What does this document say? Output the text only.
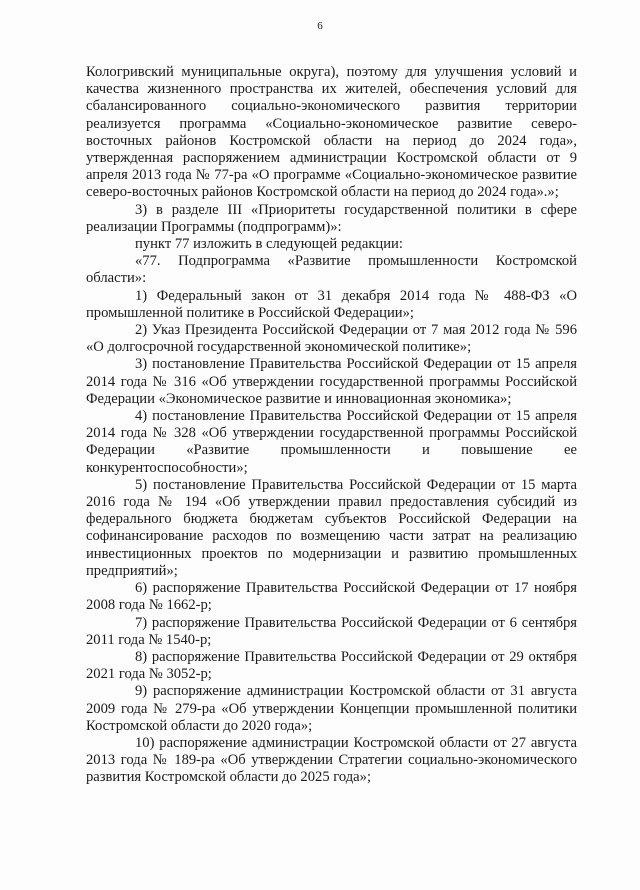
6

Кологривский муниципальные округа), поэтому для улучшения условий и качества жизненного пространства их жителей, обеспечения условий для сбалансированного социально-экономического развития территории реализуется программа «Социально-экономическое развитие северо-восточных районов Костромской области на период до 2024 года», утвержденная распоряжением администрации Костромской области от 9 апреля 2013 года № 77-ра «О программе «Социально-экономическое развитие северо-восточных районов Костромской области на период до 2024 года».»;

3) в разделе III «Приоритеты государственной политики в сфере реализации Программы (подпрограмм)»:

пункт 77 изложить в следующей редакции:

«77. Подпрограмма «Развитие промышленности Костромской области»:

1) Федеральный закон от 31 декабря 2014 года № 488-ФЗ «О промышленной политике в Российской Федерации»;

2) Указ Президента Российской Федерации от 7 мая 2012 года № 596 «О долгосрочной государственной экономической политике»;

3) постановление Правительства Российской Федерации от 15 апреля 2014 года № 316 «Об утверждении государственной программы Российской Федерации «Экономическое развитие и инновационная экономика»;

4) постановление Правительства Российской Федерации от 15 апреля 2014 года № 328 «Об утверждении государственной программы Российской Федерации «Развитие промышленности и повышение ее конкурентоспособности»;

5) постановление Правительства Российской Федерации от 15 марта 2016 года № 194 «Об утверждении правил предоставления субсидий из федерального бюджета бюджетам субъектов Российской Федерации на софинансирование расходов по возмещению части затрат на реализацию инвестиционных проектов по модернизации и развитию промышленных предприятий»;

6) распоряжение Правительства Российской Федерации от 17 ноября 2008 года № 1662-р;

7) распоряжение Правительства Российской Федерации от 6 сентября 2011 года № 1540-р;

8) распоряжение Правительства Российской Федерации от 29 октября 2021 года № 3052-р;

9) распоряжение администрации Костромской области от 31 августа 2009 года № 279-ра «Об утверждении Концепции промышленной политики Костромской области до 2020 года»;

10) распоряжение администрации Костромской области от 27 августа 2013 года № 189-ра «Об утверждении Стратегии социально-экономического развития Костромской области до 2025 года»;
